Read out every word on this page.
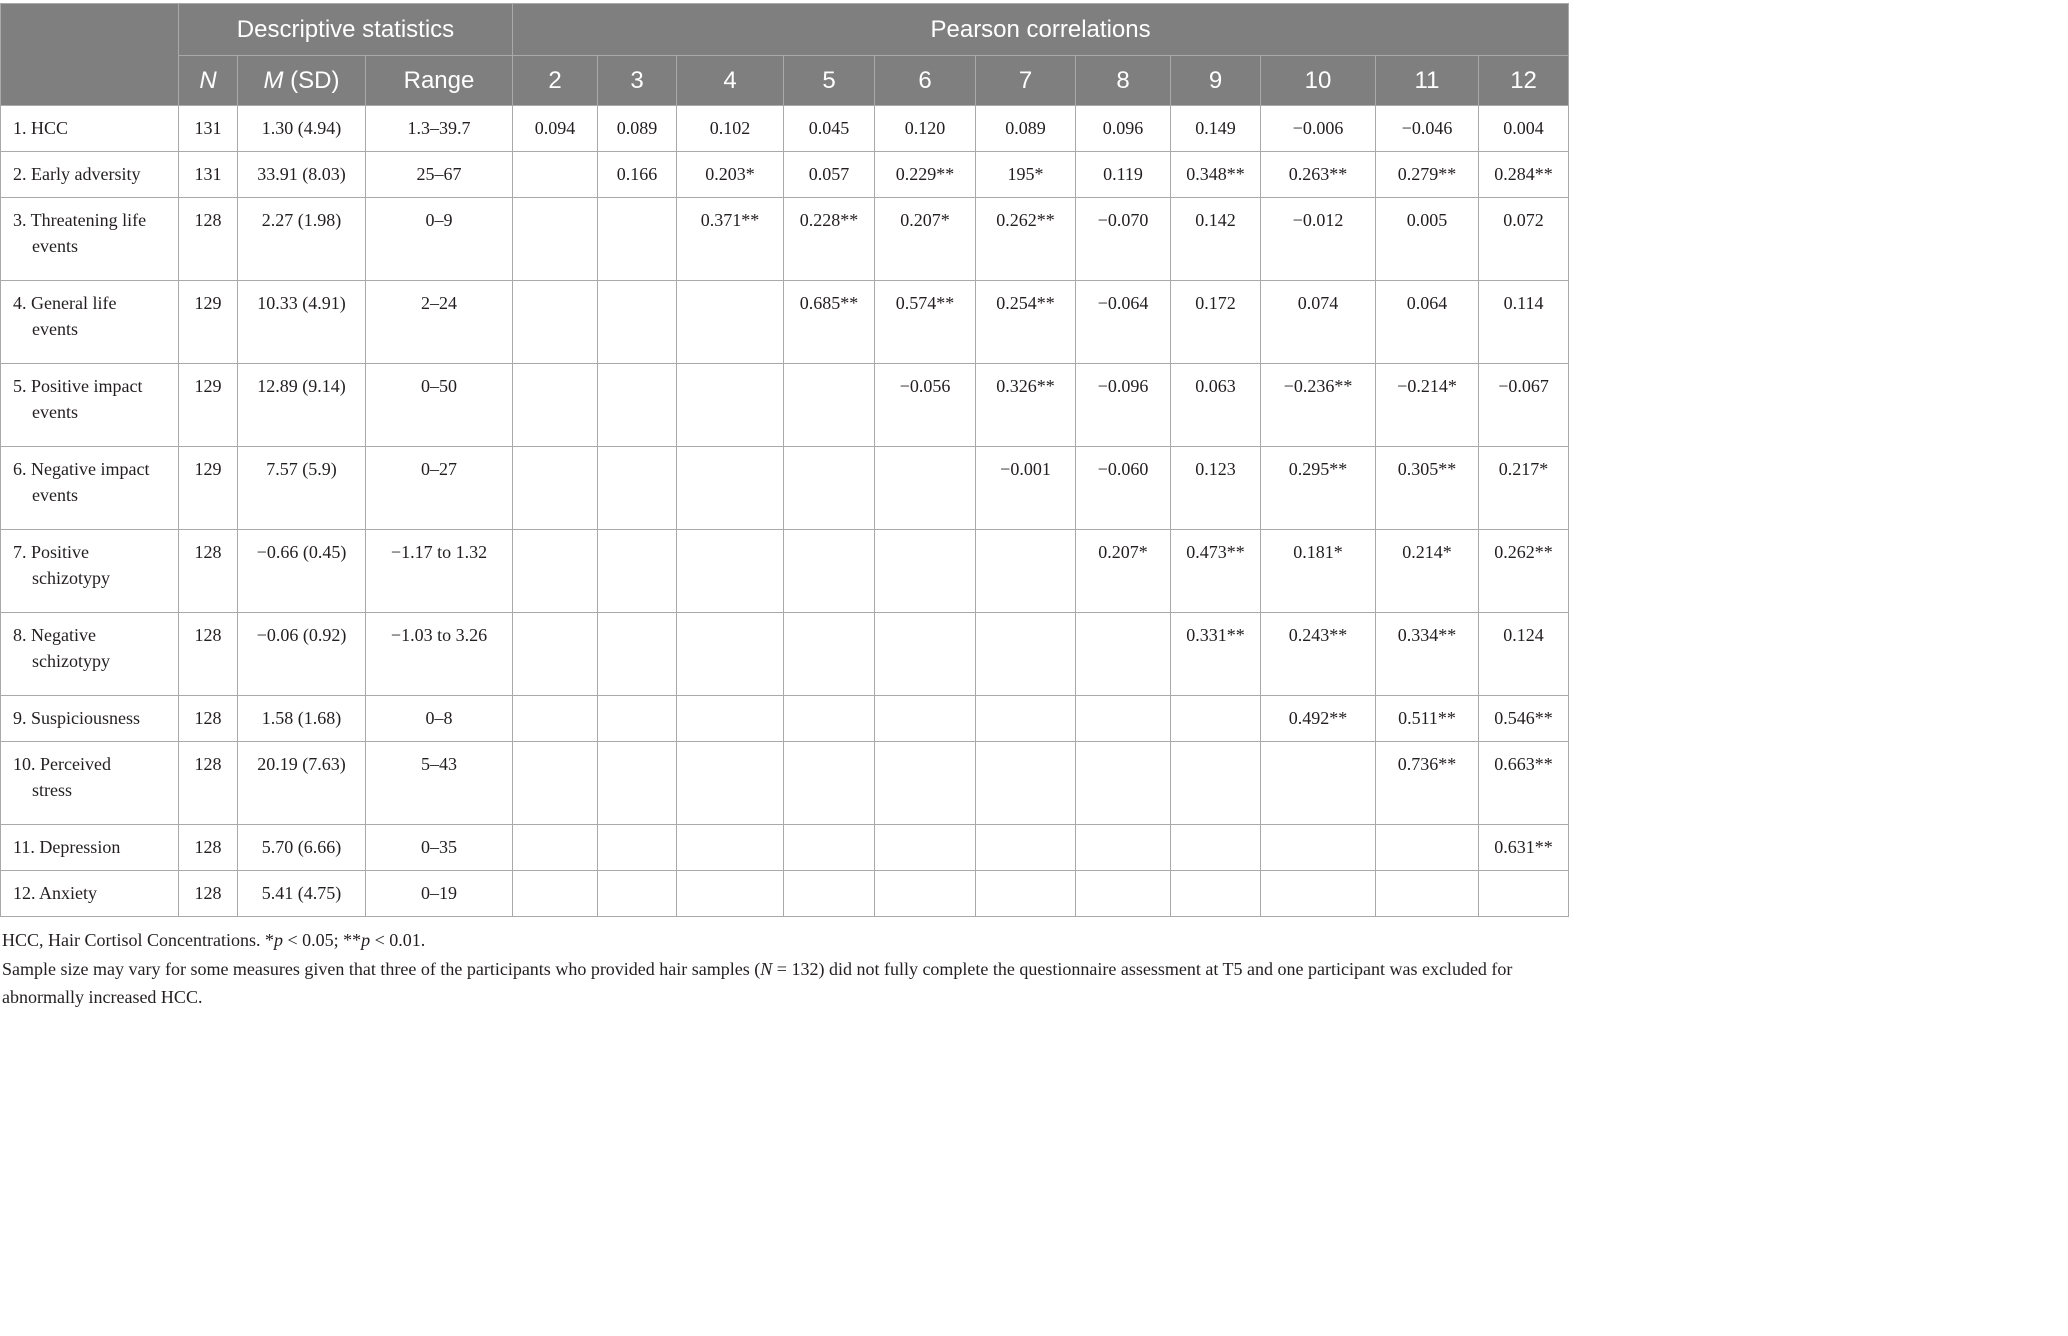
	Descriptive statistics			Pearson correlations										
	N	M (SD)	Range	2	3	4	5	6	7	8	9	10	11	12

1. HCC	131	1.30 (4.94)	1.3–39.7	0.094	0.089	0.102	0.045	0.120	0.089	0.096	0.149	−0.006	−0.046	0.004

2. Early adversity	131	33.91 (8.03)	25–67		0.166	0.203*	0.057	0.229**	195*	0.119	0.348**	0.263**	0.279**	0.284**

3. Threatening life
events	128	2.27 (1.98)	0–9			0.371**	0.228**	0.207*	0.262**	−0.070	0.142	−0.012	0.005	0.072

4. General life
events	129	10.33 (4.91)	2–24				0.685**	0.574**	0.254**	−0.064	0.172	0.074	0.064	0.114

5. Positive impact
events	129	12.89 (9.14)	0–50					−0.056	0.326**	−0.096	0.063	−0.236**	−0.214*	−0.067

6. Negative impact
events	129	7.57 (5.9)	0–27						−0.001	−0.060	0.123	0.295**	0.305**	0.217*

7. Positive
schizotypy	128	−0.66 (0.45)	−1.17 to 1.32							0.207*	0.473**	0.181*	0.214*	0.262**

8. Negative
schizotypy	128	−0.06 (0.92)	−1.03 to 3.26								0.331**	0.243**	0.334**	0.124

9. Suspiciousness	128	1.58 (1.68)	0–8									0.492**	0.511**	0.546**

10. Perceived
stress	128	20.19 (7.63)	5–43										0.736**	0.663**

11. Depression	128	5.70 (6.66)	0–35											0.631**

12. Anxiety	128	5.41 (4.75)	0–19											

HCC, Hair Cortisol Concentrations. *p < 0.05; **p < 0.01.

Sample size may vary for some measures given that three of the participants who provided hair samples (N = 132) did not fully complete the questionnaire assessment at T5 and one participant was excluded for abnormally increased HCC.
